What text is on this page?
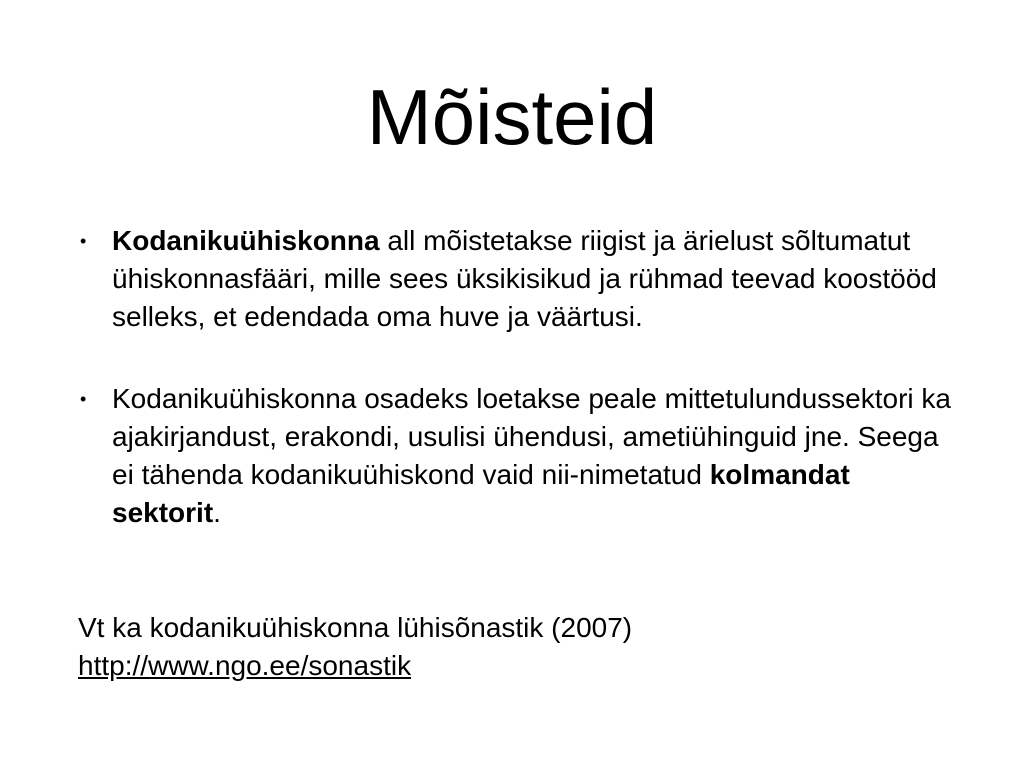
Mõisteid
• Kodanikuühiskonna all mõistetakse riigist ja ärielust sõltumatut ühiskonnasfääri, mille sees üksikisikud ja rühmad teevad koostööd selleks, et edendada oma huve ja väärtusi.
• Kodanikuühiskonna osadeks loetakse peale mittetulundussektori ka ajakirjandust, erakondi, usulisi ühendusi, ametiühinguid jne. Seega ei tähenda kodanikuühiskond vaid nii-nimetatud kolmandat sektorit.
Vt ka kodanikuühiskonna lühisõnastik (2007)
http://www.ngo.ee/sonastik
